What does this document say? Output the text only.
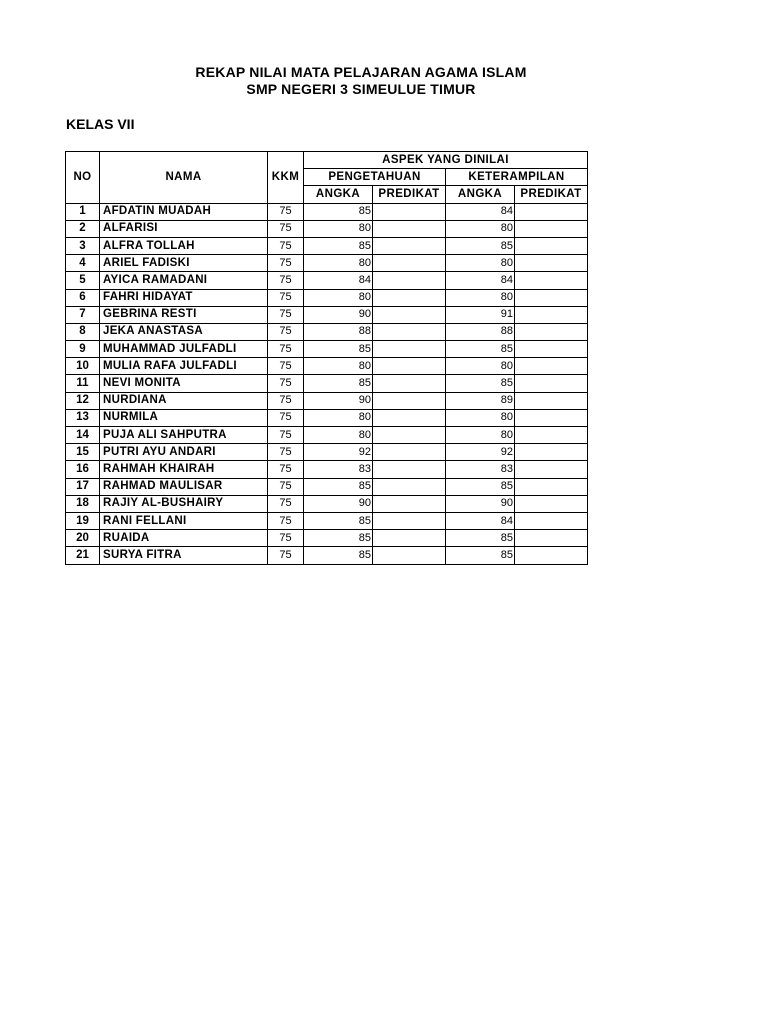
REKAP NILAI MATA PELAJARAN AGAMA ISLAM
SMP NEGERI 3 SIMEULUE TIMUR
KELAS VII
NO	NAMA	KKM	ASPEK YANG DINILAI			
			PENGETAHUAN		KETERAMPILAN	
			ANGKA	PREDIKAT	ANGKA	PREDIKAT
1	AFDATIN MUADAH	75	85		84	
2	ALFARISI	75	80		80	
3	ALFRA TOLLAH	75	85		85	
4	ARIEL FADISKI	75	80		80	
5	AYICA RAMADANI	75	84		84	
6	FAHRI HIDAYAT	75	80		80	
7	GEBRINA RESTI	75	90		91	
8	JEKA ANASTASA	75	88		88	
9	MUHAMMAD JULFADLI	75	85		85	
10	MULIA RAFA JULFADLI	75	80		80	
11	NEVI MONITA	75	85		85	
12	NURDIANA	75	90		89	
13	NURMILA	75	80		80	
14	PUJA ALI SAHPUTRA	75	80		80	
15	PUTRI AYU ANDARI	75	92		92	
16	RAHMAH KHAIRAH	75	83		83	
17	RAHMAD MAULISAR	75	85		85	
18	RAJIY AL-BUSHAIRY	75	90		90	
19	RANI FELLANI	75	85		84	
20	RUAIDA	75	85		85	
21	SURYA FITRA	75	85		85	
